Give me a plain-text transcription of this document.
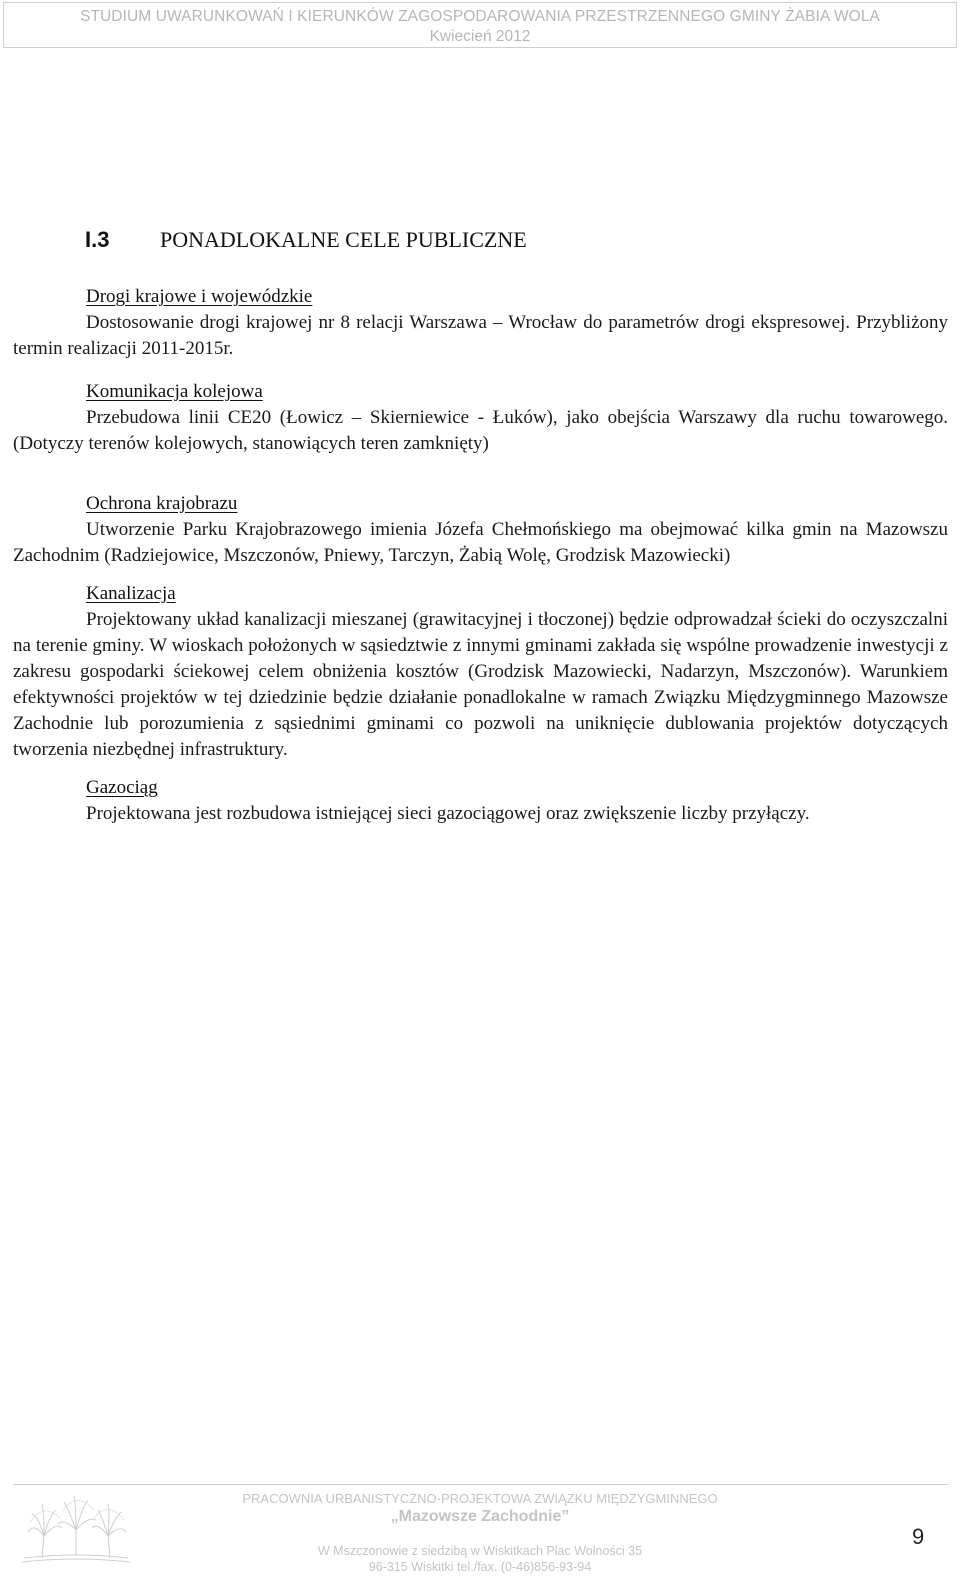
STUDIUM UWARUNKOWAŃ I KIERUNKÓW ZAGOSPODAROWANIA PRZESTRZENNEGO GMINY ŻABIA WOLA
Kwiecień 2012
I.3	PONADLOKALNE CELE PUBLICZNE
Drogi krajowe i wojewódzkie

Dostosowanie drogi krajowej nr 8 relacji Warszawa – Wrocław do parametrów drogi ekspresowej. Przybliżony termin realizacji 2011-2015r.

Komunikacja kolejowa

Przebudowa linii CE20 (Łowicz – Skierniewice - Łuków), jako obejścia Warszawy dla ruchu towarowego. (Dotyczy terenów kolejowych, stanowiących teren zamknięty)

Ochrona krajobrazu

Utworzenie Parku Krajobrazowego imienia Józefa Chełmońskiego ma obejmować kilka gmin na Mazowszu Zachodnim (Radziejowice, Mszczonów, Pniewy, Tarczyn, Żabią Wolę, Grodzisk Mazowiecki)

Kanalizacja

Projektowany układ kanalizacji mieszanej (grawitacyjnej i tłoczonej) będzie odprowadzał ścieki do oczyszczalni na terenie gminy. W wioskach położonych w sąsiedztwie z innymi gminami zakłada się wspólne prowadzenie inwestycji z zakresu gospodarki ściekowej celem obniżenia kosztów (Grodzisk Mazowiecki, Nadarzyn, Mszczonów). Warunkiem efektywności projektów w tej dziedzinie będzie działanie ponadlokalne w ramach Związku Międzygminnego Mazowsze Zachodnie lub porozumienia z sąsiednimi gminami co pozwoli na uniknięcie dublowania projektów dotyczących tworzenia niezbędnej infrastruktury.

Gazociąg

Projektowana jest rozbudowa istniejącej sieci gazociągowej oraz zwiększenie liczby przyłączy.

PRACOWNIA URBANISTYCZNO-PROJEKTOWA ZWIĄZKU MIĘDZYGMINNEGO
„Mazowsze Zachodnie”
W Mszczonowie z siedzibą w Wiskitkach Plac Wolności 35
96-315 Wiskitki tel./fax. (0-46)856-93-94
9
